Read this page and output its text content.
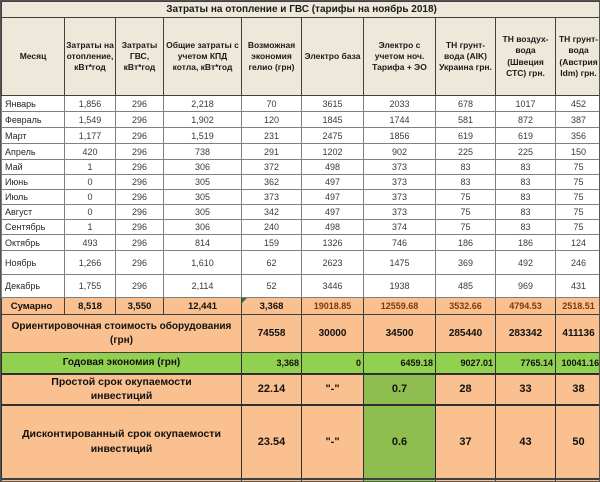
Затраты на отопление и ГВС (тарифы на ноябрь 2018)									
Месяц	Затраты на отопление, кВт*год	Затраты ГВС, кВт*год	Общие затраты с учетом КПД котла, кВт*год	Возможная экономия гелио (грн)	Электро база	Электро с учетом ноч. Тарифа + ЭО	ТН грунт-вода (AIK) Украина грн.	ТН воздух-вода (Швеция СТС) грн.	ТН грунт-вода (Австрия Idm) грн.
Январь	1,856	296	2,218	70	3615	2033	678	1017	452
Февраль	1,549	296	1,902	120	1845	1744	581	872	387
Март	1,177	296	1,519	231	2475	1856	619	619	356
Апрель	420	296	738	291	1202	902	225	225	150
Май	1	296	306	372	498	373	83	83	75
Июнь	0	296	305	362	497	373	83	83	75
Июль	0	296	305	373	497	373	75	83	75
Август	0	296	305	342	497	373	75	83	75
Сентябрь	1	296	306	240	498	374	75	83	75
Октябрь	493	296	814	159	1326	746	186	186	124
Ноябрь	1,266	296	1,610	62	2623	1475	369	492	246
Декабрь	1,755	296	2,114	52	3446	1938	485	969	431
Сумарно	8,518	3,550	12,441	3,368	19018.85	12559.68	3532.66	4794.53	2518.51
Ориентировочная стоимость оборудования (грн)				74558	30000	34500	285440	283342	411136
Годовая экономия (грн)				3,368	0	6459.18	9027.01	7765.14	10041.16
Простой срок окупаемости инвестиций				22.14	"-"	0.7	28	33	38
Дисконтированный срок окупаемости инвестиций				23.54	"-"	0.6	37	43	50
